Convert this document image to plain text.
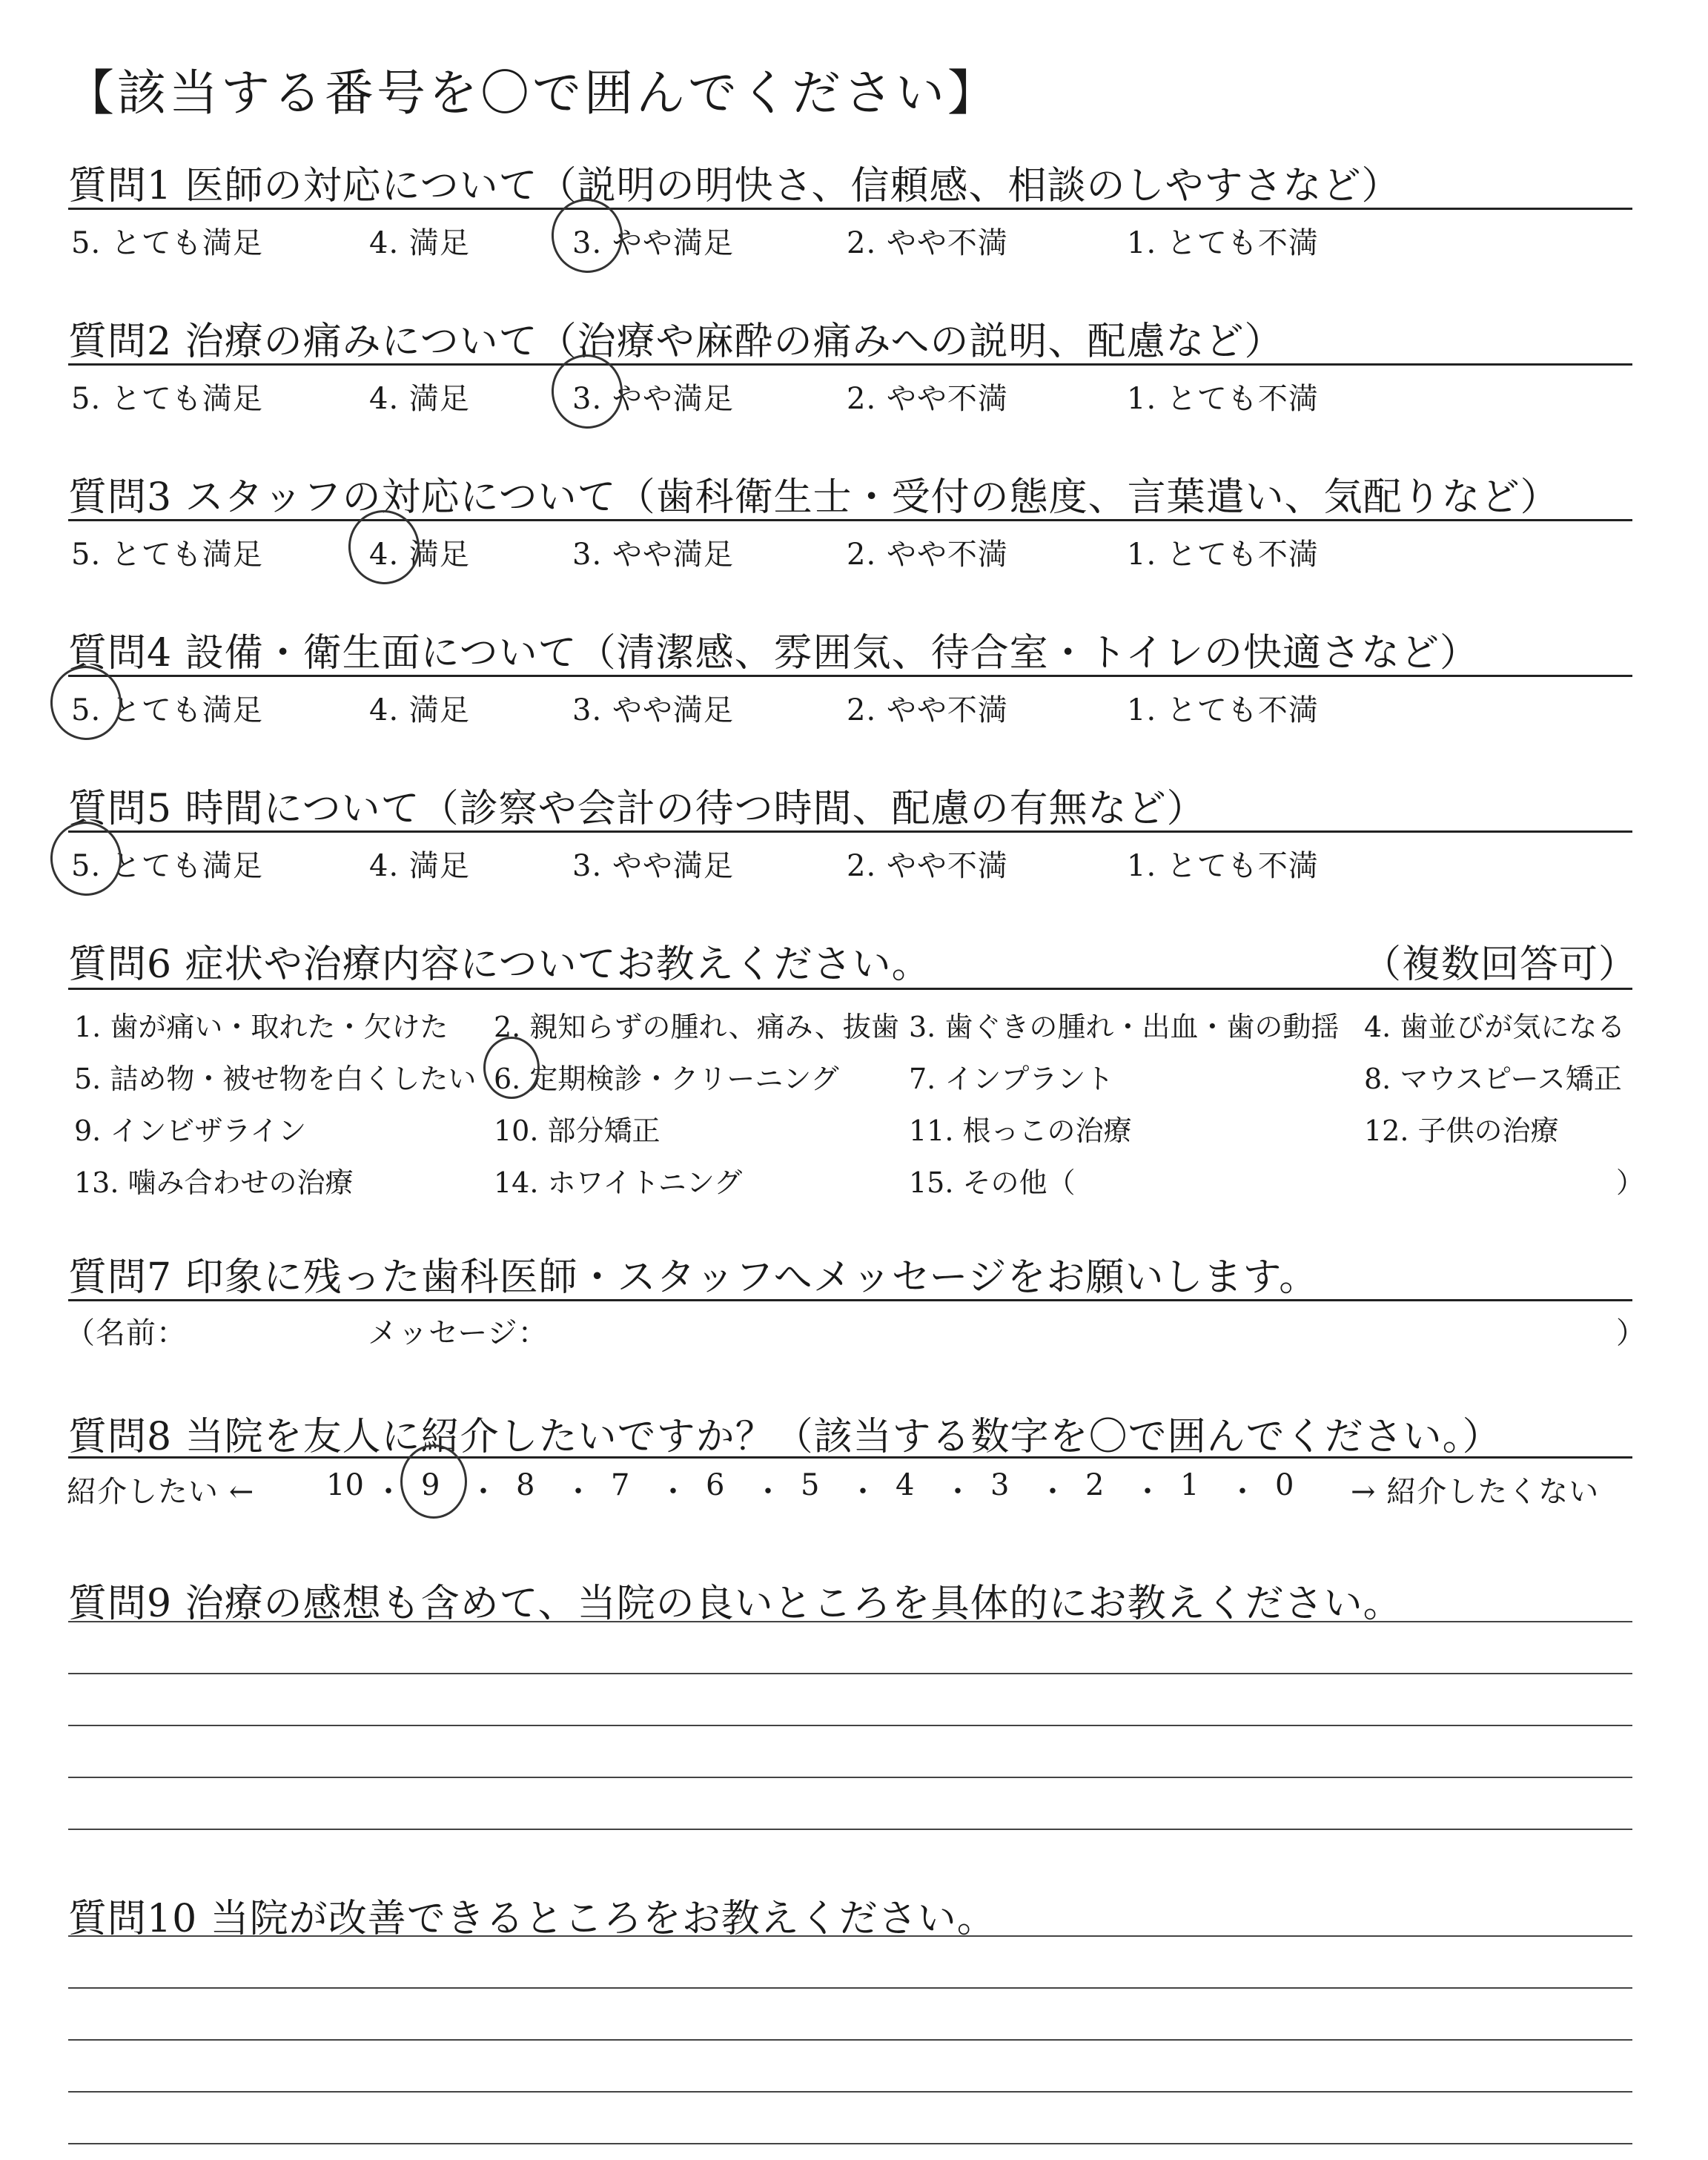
【該当する番号を〇で囲んでください】
質問1 医師の対応について（説明の明快さ、信頼感、相談のしやすさなど）
5. とても満足	4. 満足	3. やや満足	2. やや不満	1. とても不満
質問2 治療の痛みについて（治療や麻酔の痛みへの説明、配慮など）
5. とても満足	4. 満足	3. やや満足	2. やや不満	1. とても不満
質問3 スタッフの対応について（歯科衛生士・受付の態度、言葉遣い、気配りなど）
5. とても満足	4. 満足	3. やや満足	2. やや不満	1. とても不満
質問4 設備・衛生面について（清潔感、雰囲気、待合室・トイレの快適さなど）
5. とても満足	4. 満足	3. やや満足	2. やや不満	1. とても不満
質問5 時間について（診察や会計の待つ時間、配慮の有無など）
5. とても満足	4. 満足	3. やや満足	2. やや不満	1. とても不満
質問6 症状や治療内容についてお教えください。	（複数回答可）
1. 歯が痛い・取れた・欠けた 2. 親知らずの腫れ、痛み、抜歯 3. 歯ぐきの腫れ・出血・歯の動揺 4. 歯並びが気になる
5. 詰め物・被せ物を白くしたい 6. 定期検診・クリーニング 7. インプラント	8. マウスピース矯正
9. インビザライン	10. 部分矯正	11. 根っこの治療	12. 子供の治療
13. 噛み合わせの治療	14. ホワイトニング	15. その他（	）
質問7 印象に残った歯科医師・スタッフへメッセージをお願いします。
（名前：	メッセージ：	）
質問8 当院を友人に紹介したいですか？（該当する数字を〇で囲んでください。）
紹介したい ←	→ 紹介したくない
10 ・ 9 ・ 8 ・ 7 ・ 6 ・ 5 ・ 4 ・ 3 ・ 2 ・ 1 ・ 0
質問9 治療の感想も含めて、当院の良いところを具体的にお教えください。
質問10 当院が改善できるところをお教えください。
